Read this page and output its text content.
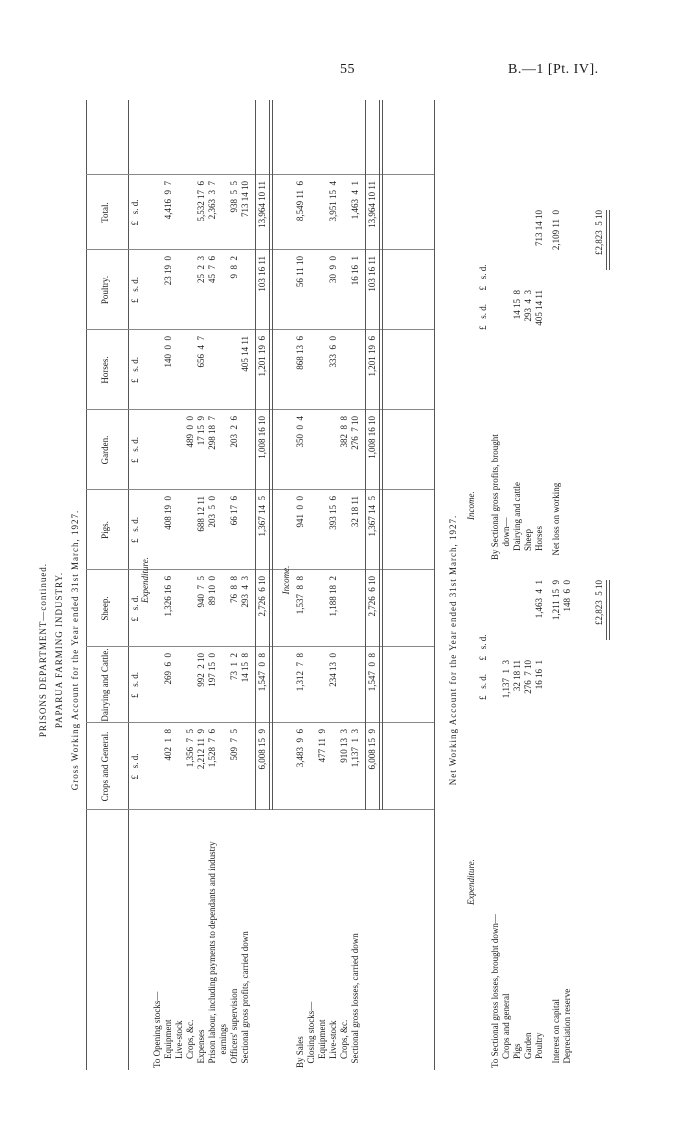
55	B.—1 [Pt. IV].
PRISONS DEPARTMENT—continued. PAPARUA FARMING INDUSTRY. Gross Working Account for the Year ended 31st March, 1927. Crops and General. £   s. d.
Dairying and Cattle. £   s. d.
Sheep. £   s. d.
Pigs. £   s. d.
Garden. £   s. d.
Horses. £   s. d.
Poultry. £   s. d.
Total. £   s. d.
Expenditure.
To Opening stocks— Equipment
402  1  8
269  6  0
1,326 16  6
408 19  0
140  0  0
23 19  0
4,416  9  7
Live-stock Crops, &c.
1,356  7  5
489  0  0
Expenses
2,212 11  9
992  2 10
940  7  5
688 12 11
17 15  9
656  4  7
25  2  3
5,532 17  6
Prison labour, including payments to dependants and industry
1,528  7  6
197 15  0
89 10  0
203  5  0
298 18  7
45  7  6
2,363  3  7
earnings Officers' supervision
509  7  5
73  1  2
76  8  8
66 17  6
203  2  6
9  8  2
938  5  5
Sectional gross profits, carried down
14 15  8
293  4  3
405 14 11
713 14 10
6,008 15  9
1,547  0  8
2,726  6 10
1,367 14  5
1,008 16 10
1,201 19  6
103 16 11
13,964 10 11
Income.
By Sales
3,483  9  6
1,312  7  8
1,537  8  8
941  0  0
350  0  4
868 13  6
56 11 10
8,549 11  6
Closing stocks— Equipment
477 11  9
Live-stock
234 13  0
1,188 18  2
393 15  6
333  6  0
30  9  0
3,951 15  4
Crops, &c.
910 13  3
382  8  8
Sectional gross losses, carried down
1,137  1  3
32 18 11
276  7 10
16 16  1
1,463  4  1
6,008 15  9
1,547  0  8
2,726  6 10
1,367 14  5
1,008 16 10
1,201 19  6
103 16 11
13,964 10 11
Net Working Account for the Year ended 31st March, 1927.
Expenditure.
Income.
£   s. d.      £   s. d.
£   s. d.      £   s. d.
To Sectional gross losses, brought down— Crops and general
1,137  1  3
Pigs
32 18 11
Garden
276  7 10
Poultry
16 16  1
1,463  4  1
Interest on capital
1,211 15  9
Depreciation reserve
148  6  0
By Sectional gross profits, brought down— Dairying and cattle
14 15  8
Sheep
293  4  3
Horses
405 14 11
713 14 10
Net loss on working
2,109 11  0
£2,823  5 10
£2,823  5 10
